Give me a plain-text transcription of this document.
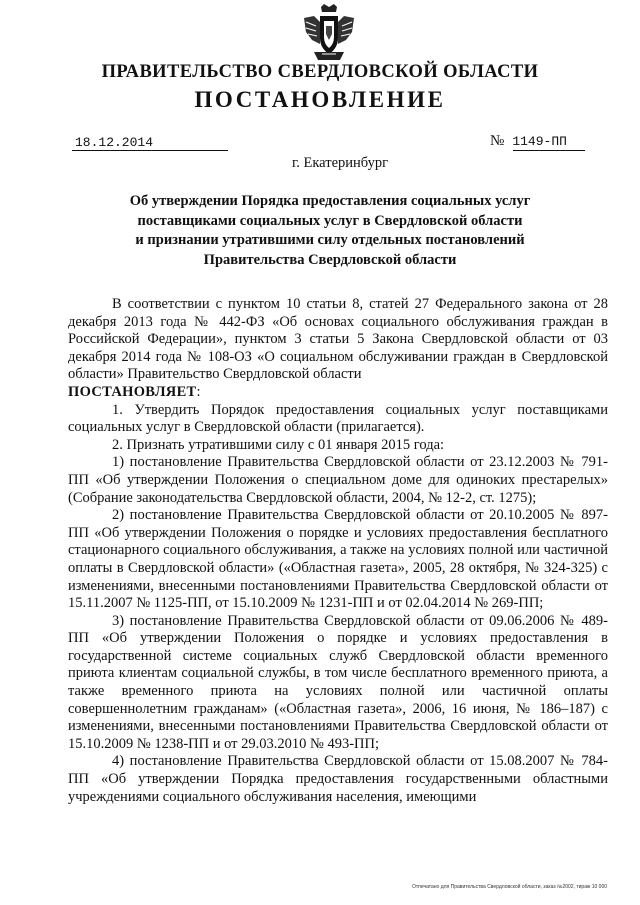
ПРАВИТЕЛЬСТВО СВЕРДЛОВСКОЙ ОБЛАСТИ
ПОСТАНОВЛЕНИЕ
18.12.2014	№ 1149-ПП
г. Екатеринбург
Об утверждении Порядка предоставления социальных услуг
поставщиками социальных услуг в Свердловской области
и признании утратившими силу отдельных постановлений
Правительства Свердловской области

В соответствии с пунктом 10 статьи 8, статей 27 Федерального закона от 28 декабря 2013 года № 442-ФЗ «Об основах социального обслуживания граждан в Российской Федерации», пунктом 3 статьи 5 Закона Свердловской области от 03 декабря 2014 года № 108-ОЗ «О социальном обслуживании граждан в Свердловской области» Правительство Свердловской области

ПОСТАНОВЛЯЕТ:

1. Утвердить Порядок предоставления социальных услуг поставщиками социальных услуг в Свердловской области (прилагается).

2. Признать утратившими силу с 01 января 2015 года:

1) постановление Правительства Свердловской области от 23.12.2003 № 791-ПП «Об утверждении Положения о специальном доме для одиноких престарелых» (Собрание законодательства Свердловской области, 2004, № 12-2, ст. 1275);

2) постановление Правительства Свердловской области от 20.10.2005 № 897-ПП «Об утверждении Положения о порядке и условиях предоставления бесплатного стационарного социального обслуживания, а также на условиях полной или частичной оплаты в Свердловской области» («Областная газета», 2005, 28 октября, № 324-325) с изменениями, внесенными постановлениями Правительства Свердловской области от 15.11.2007 № 1125-ПП, от 15.10.2009 № 1231-ПП и от 02.04.2014 № 269-ПП;

3) постановление Правительства Свердловской области от 09.06.2006 № 489-ПП «Об утверждении Положения о порядке и условиях предоставления в государственной системе социальных служб Свердловской области временного приюта клиентам социальной службы, в том числе бесплатного временного приюта, а также временного приюта на условиях полной или частичной оплаты совершеннолетним гражданам» («Областная газета», 2006, 16 июня, № 186–187) с изменениями, внесенными постановлениями Правительства Свердловской области от 15.10.2009 № 1238-ПП и от 29.03.2010 № 493-ПП;

4) постановление Правительства Свердловской области от 15.08.2007 № 784-ПП «Об утверждении Порядка предоставления государственными областными учреждениями социального обслуживания населения, имеющими

Отпечатано для Правительства Свердловской области, заказ №2002, тираж 10 000
